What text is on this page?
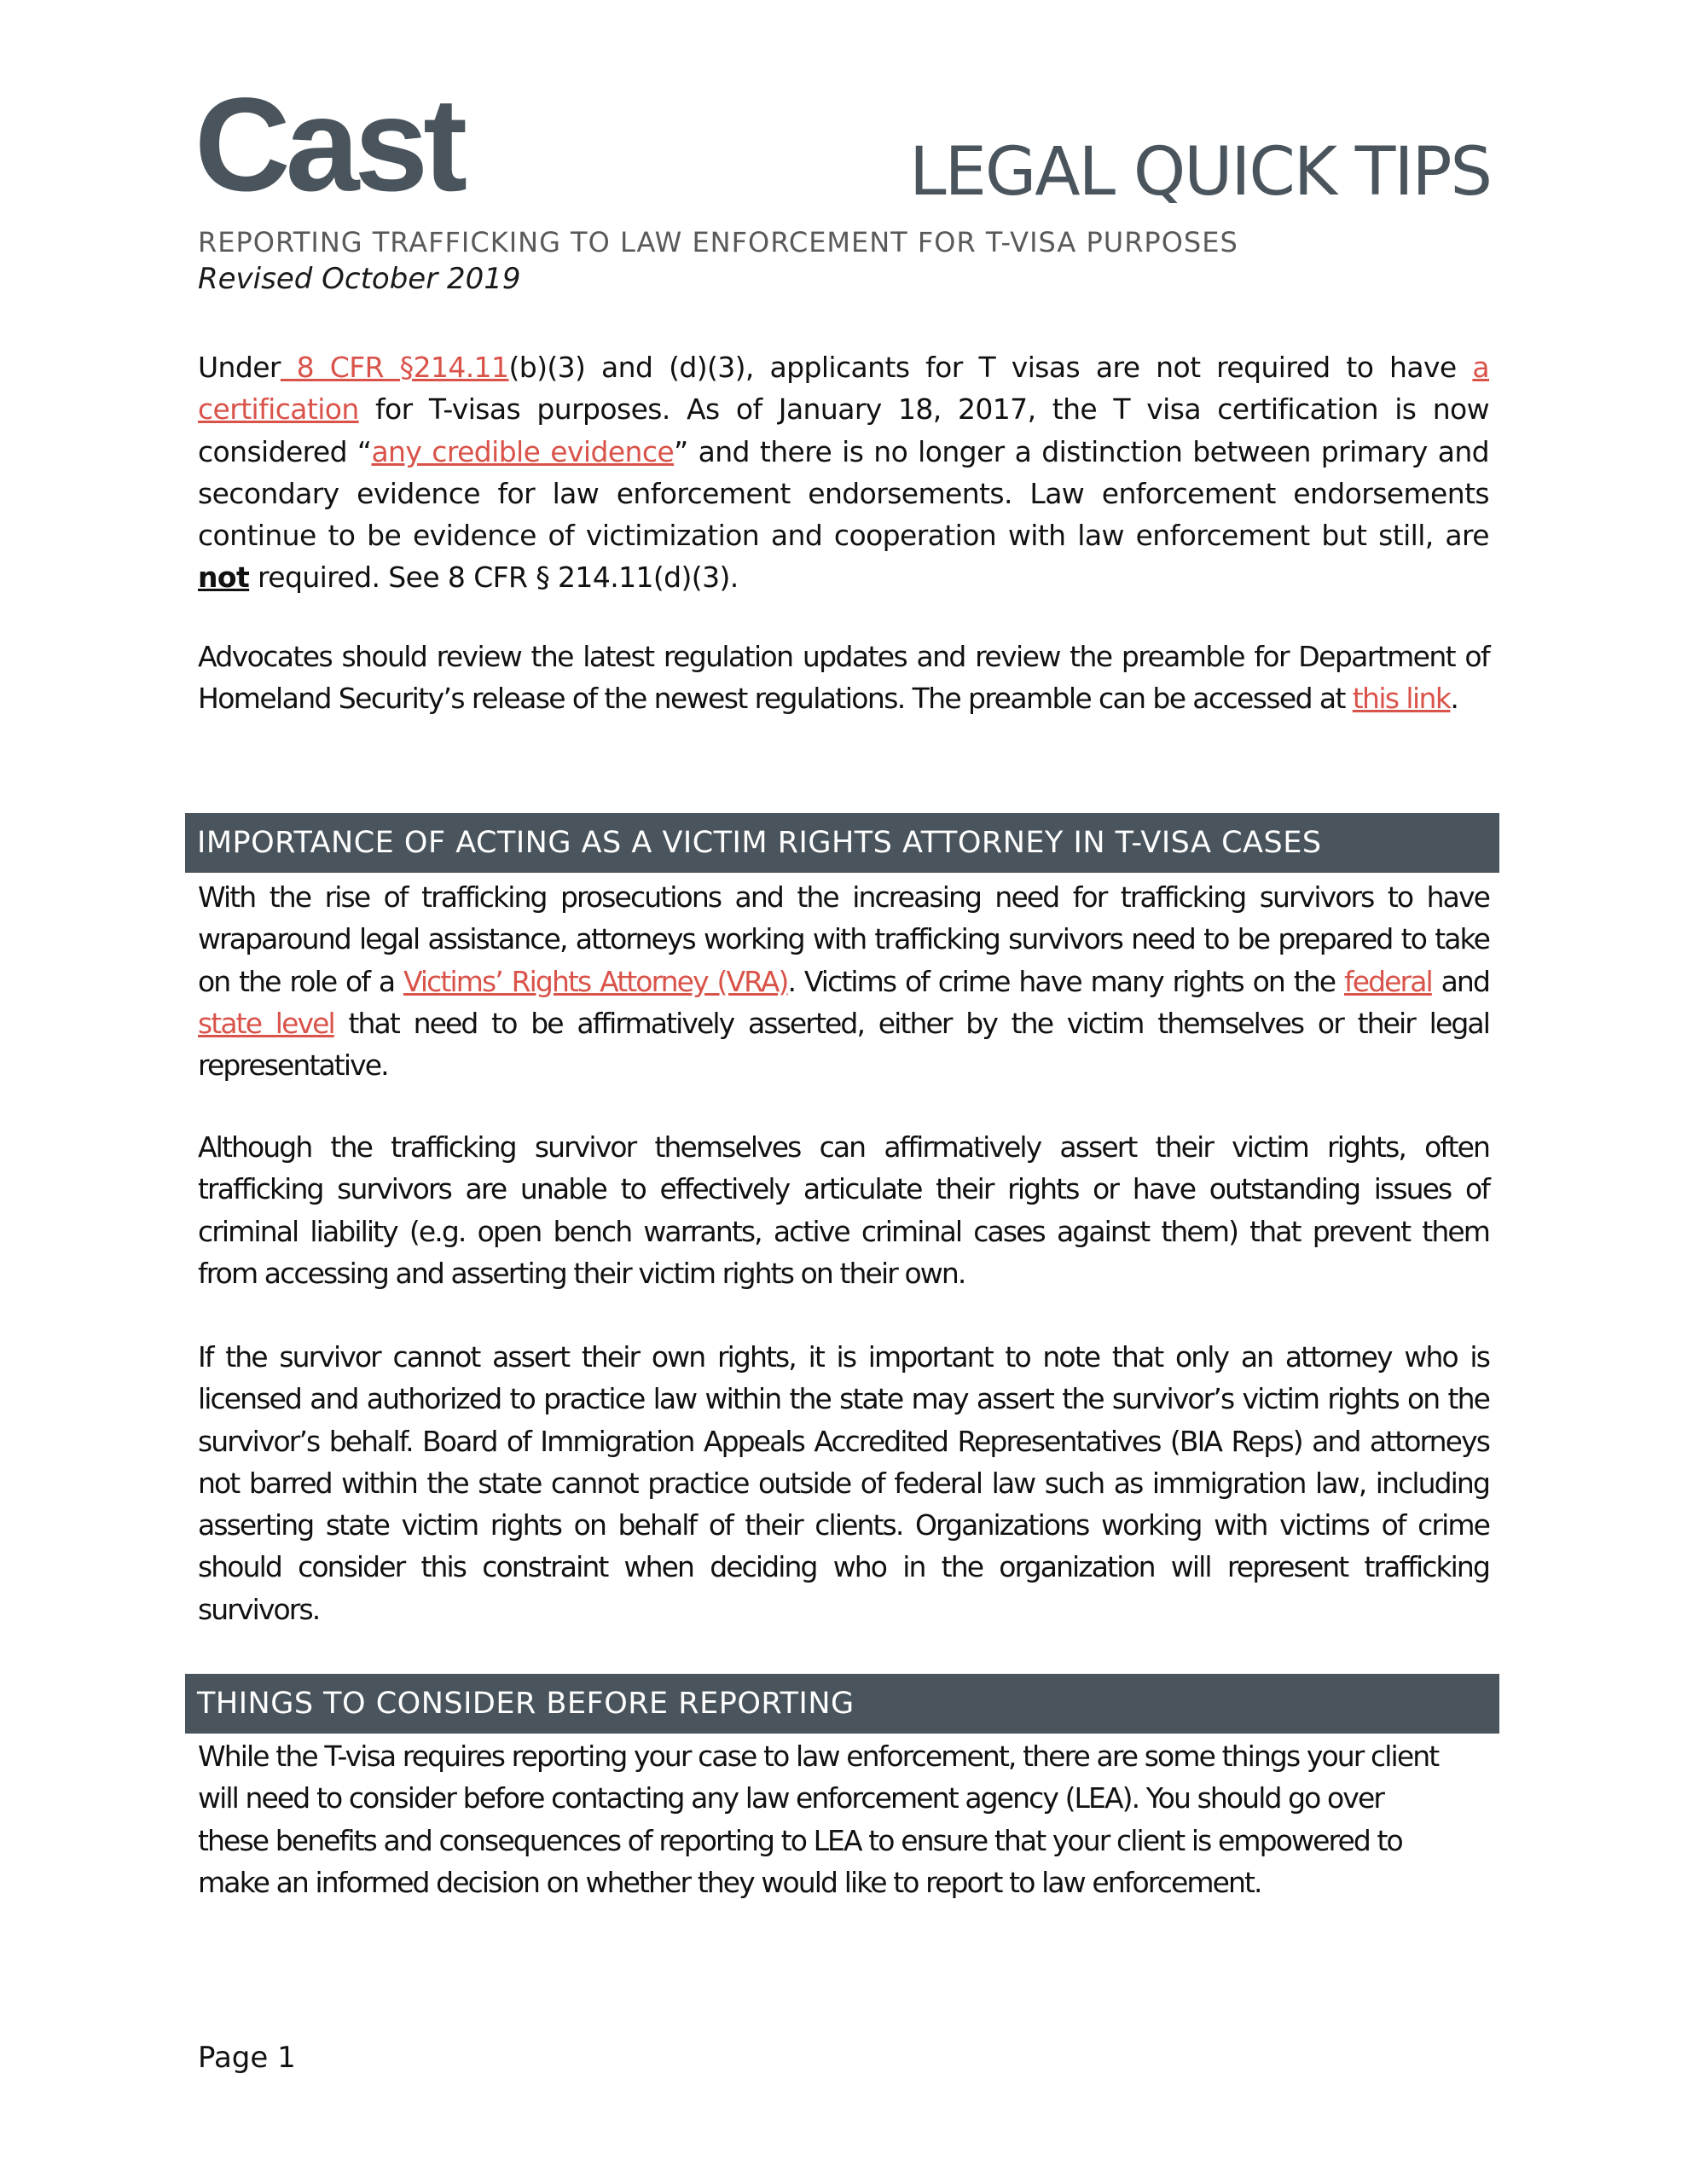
Cast	LEGAL QUICK TIPS
REPORTING TRAFFICKING TO LAW ENFORCEMENT FOR T-VISA PURPOSES
Revised October 2019

Under 8 CFR §214.11(b)(3) and (d)(3), applicants for T visas are not required to have a certification for T-visas purposes. As of January 18, 2017, the T visa certification is now considered “any credible evidence” and there is no longer a distinction between primary and secondary evidence for law enforcement endorsements. Law enforcement endorsements continue to be evidence of victimization and cooperation with law enforcement but still, are not required. See 8 CFR § 214.11(d)(3).

Advocates should review the latest regulation updates and review the preamble for Department of Homeland Security’s release of the newest regulations. The preamble can be accessed at this link.

IMPORTANCE OF ACTING AS A VICTIM RIGHTS ATTORNEY IN T-VISA CASES

With the rise of trafficking prosecutions and the increasing need for trafficking survivors to have wraparound legal assistance, attorneys working with trafficking survivors need to be prepared to take on the role of a Victims’ Rights Attorney (VRA). Victims of crime have many rights on the federal and state level that need to be affirmatively asserted, either by the victim themselves or their legal representative.

Although the trafficking survivor themselves can affirmatively assert their victim rights, often trafficking survivors are unable to effectively articulate their rights or have outstanding issues of criminal liability (e.g. open bench warrants, active criminal cases against them) that prevent them from accessing and asserting their victim rights on their own.

If the survivor cannot assert their own rights, it is important to note that only an attorney who is licensed and authorized to practice law within the state may assert the survivor’s victim rights on the survivor’s behalf. Board of Immigration Appeals Accredited Representatives (BIA Reps) and attorneys not barred within the state cannot practice outside of federal law such as immigration law, including asserting state victim rights on behalf of their clients. Organizations working with victims of crime should consider this constraint when deciding who in the organization will represent trafficking survivors.

THINGS TO CONSIDER BEFORE REPORTING

While the T-visa requires reporting your case to law enforcement, there are some things your client will need to consider before contacting any law enforcement agency (LEA). You should go over these benefits and consequences of reporting to LEA to ensure that your client is empowered to make an informed decision on whether they would like to report to law enforcement.

Page 1
